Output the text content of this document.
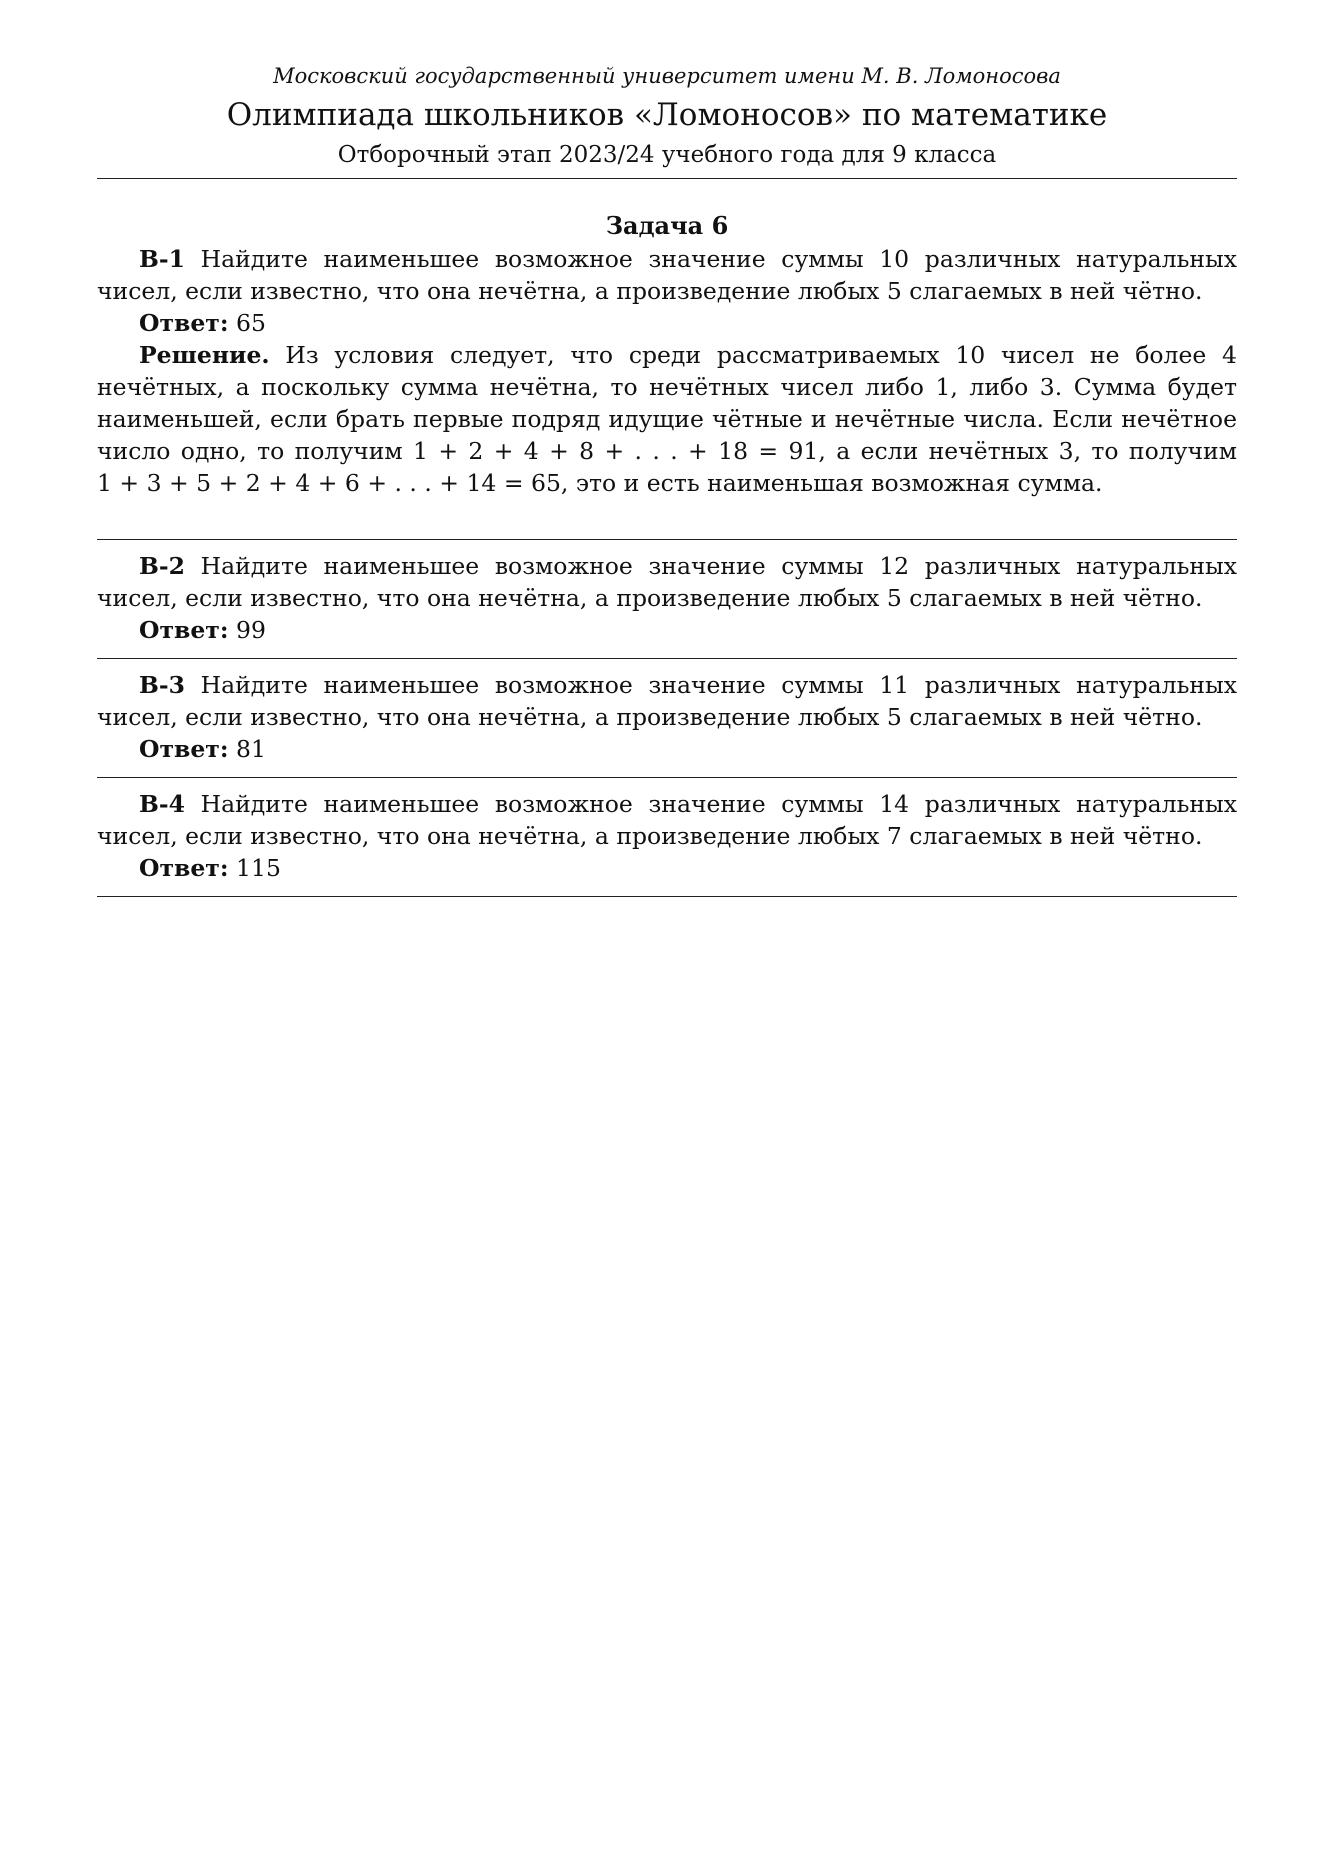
Московский государственный университет имени М. В. Ломоносова
Олимпиада школьников «Ломоносов» по математике
Отборочный этап 2023/24 учебного года для 9 класса
Задача 6

В-1 Найдите наименьшее возможное значение суммы 10 различных натуральных чисел, если известно, что она нечётна, а произведение любых 5 слагаемых в ней чётно.

Ответ: 65

Решение. Из условия следует, что среди рассматриваемых 10 чисел не более 4 нечётных, а поскольку сумма нечётна, то нечётных чисел либо 1, либо 3. Сумма будет наименьшей, если брать первые подряд идущие чётные и нечётные числа. Если нечётное число одно, то получим 1 + 2 + 4 + 8 + . . . + 18 = 91, а если нечётных 3, то получим 1 + 3 + 5 + 2 + 4 + 6 + . . . + 14 = 65, это и есть наименьшая возможная сумма.

В-2 Найдите наименьшее возможное значение суммы 12 различных натуральных чисел, если известно, что она нечётна, а произведение любых 5 слагаемых в ней чётно.

Ответ: 99

В-3 Найдите наименьшее возможное значение суммы 11 различных натуральных чисел, если известно, что она нечётна, а произведение любых 5 слагаемых в ней чётно.

Ответ: 81

В-4 Найдите наименьшее возможное значение суммы 14 различных натуральных чисел, если известно, что она нечётна, а произведение любых 7 слагаемых в ней чётно.

Ответ: 115
